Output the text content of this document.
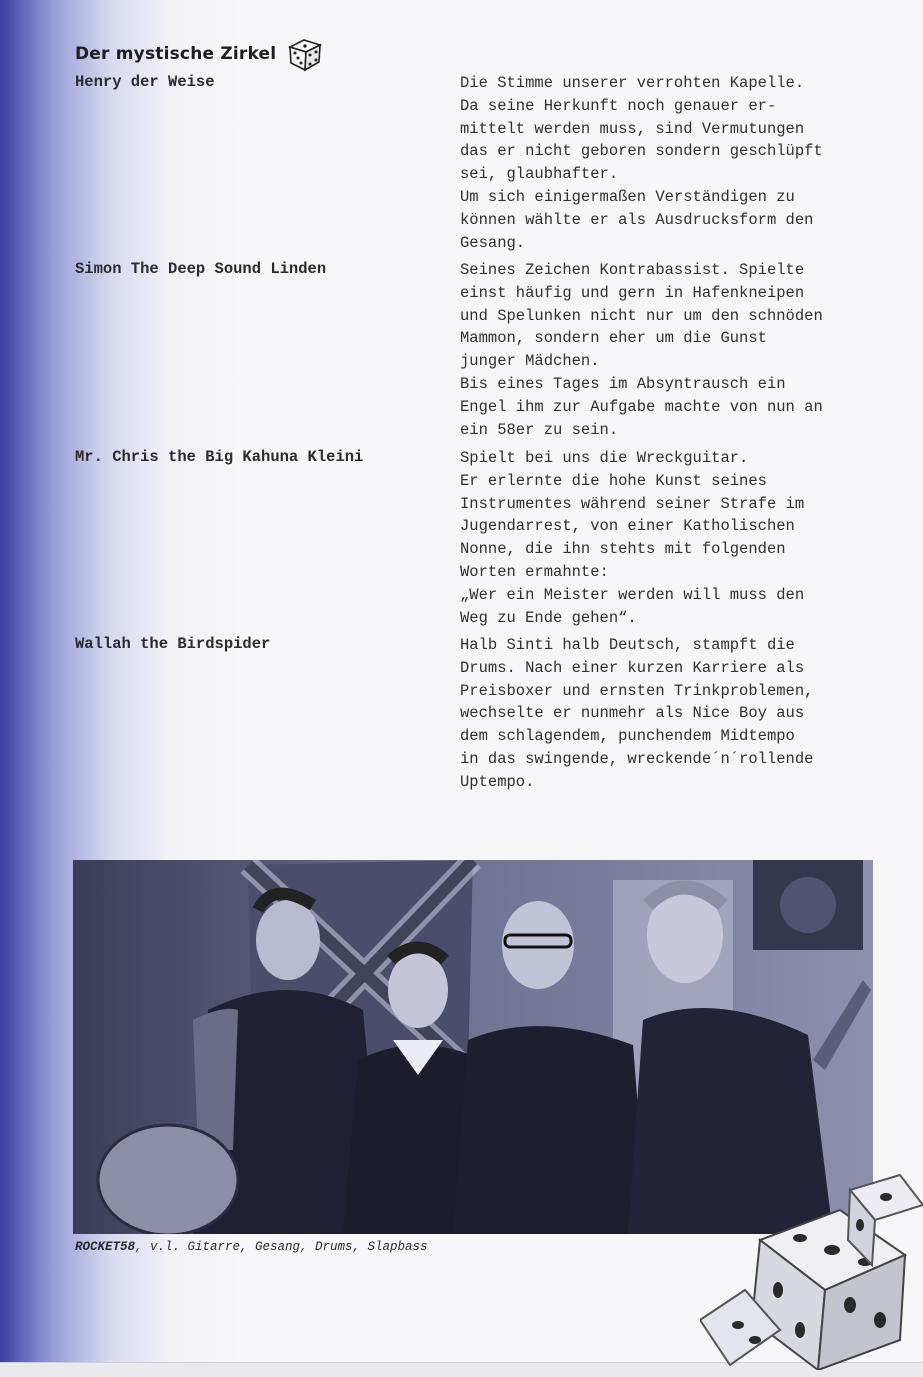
Der mystische Zirkel
Henry der Weise	Die Stimme unserer verrohten Kapelle.
Da seine Herkunft noch genauer er-
mittelt werden muss, sind Vermutungen
das er nicht geboren sondern geschlüpft
sei, glaubhafter.

Um sich einigermaßen Verständigen zu
können wählte er als Ausdrucksform den
Gesang.

Simon The Deep Sound Linden	Seines Zeichen Kontrabassist. Spielte
einst häufig und gern in Hafenkneipen
und Spelunken nicht nur um den schnöden
Mammon, sondern eher um die Gunst
junger Mädchen.

Bis eines Tages im Absyntrausch ein
Engel ihm zur Aufgabe machte von nun an
ein 58er zu sein.

Mr. Chris the Big Kahuna Kleini	Spielt bei uns die Wreckguitar.
Er erlernte die hohe Kunst seines
Instrumentes während seiner Strafe im
Jugendarrest, von einer Katholischen
Nonne, die ihn stehts mit folgenden
Worten ermahnte:
„Wer ein Meister werden will muss den
Weg zu Ende gehen“.

Wallah the Birdspider	Halb Sinti halb Deutsch, stampft die
Drums. Nach einer kurzen Karriere als
Preisboxer und ernsten Trinkproblemen,
wechselte er nunmehr als Nice Boy aus
dem schlagendem, punchendem Midtempo
in das swingende, wreckende´n´rollende
Uptempo.

ROCKET58, v.l. Gitarre, Gesang, Drums, Slapbass
